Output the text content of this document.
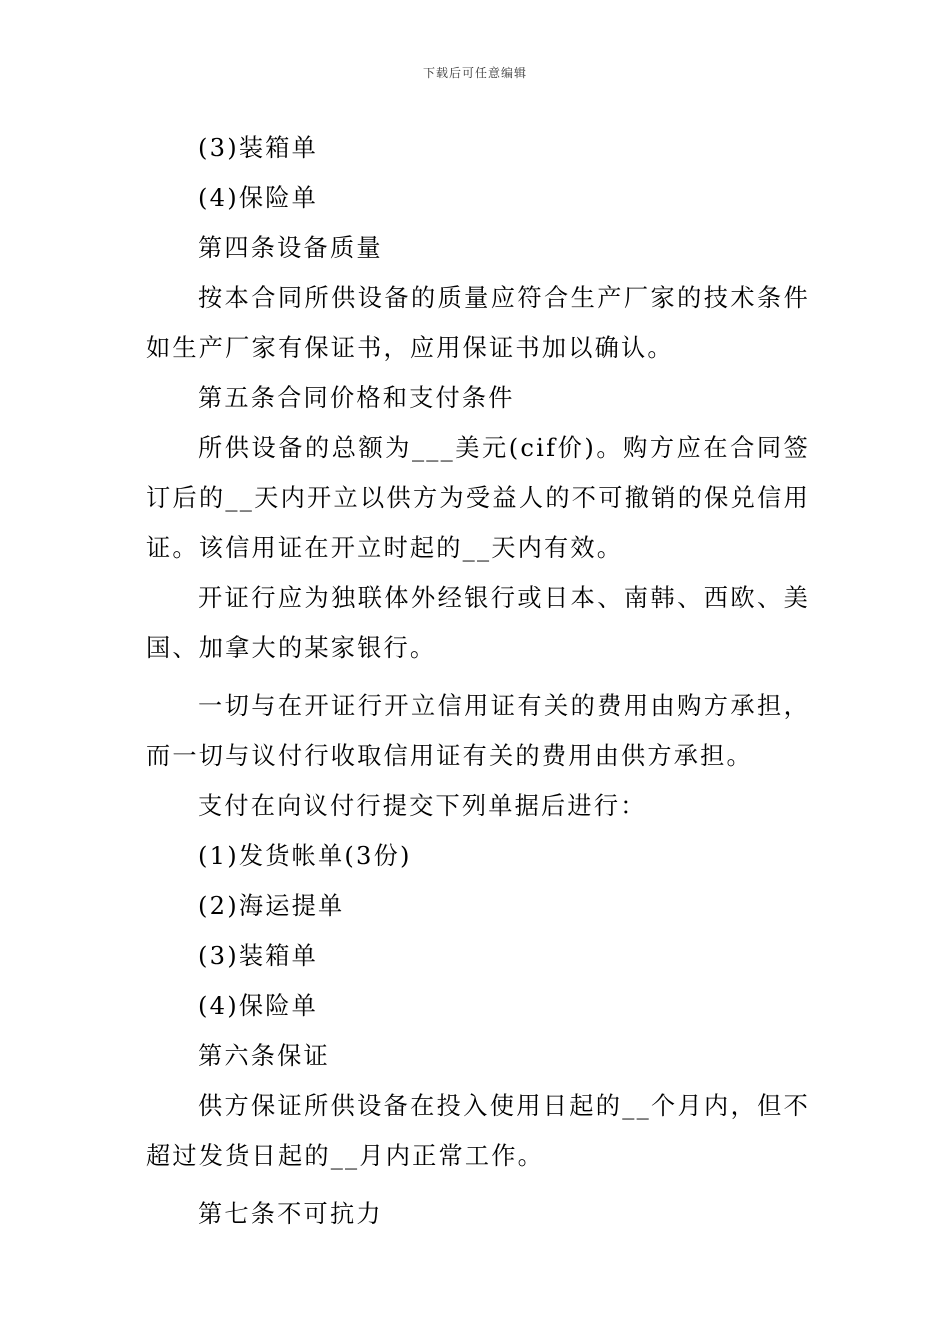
下载后可任意编辑

(3)装箱单

(4)保险单

第四条设备质量

按本合同所供设备的质量应符合生产厂家的技术条件如生产厂家有保证书，应用保证书加以确认。

第五条合同价格和支付条件

所供设备的总额为___美元(cif价)。购方应在合同签订后的__天内开立以供方为受益人的不可撤销的保兑信用证。该信用证在开立时起的__天内有效。

开证行应为独联体外经银行或日本、南韩、西欧、美国、加拿大的某家银行。

一切与在开证行开立信用证有关的费用由购方承担，而一切与议付行收取信用证有关的费用由供方承担。

支付在向议付行提交下列单据后进行：

(1)发货帐单(3份)

(2)海运提单

(3)装箱单

(4)保险单

第六条保证

供方保证所供设备在投入使用日起的__个月内，但不超过发货日起的__月内正常工作。

第七条不可抗力
